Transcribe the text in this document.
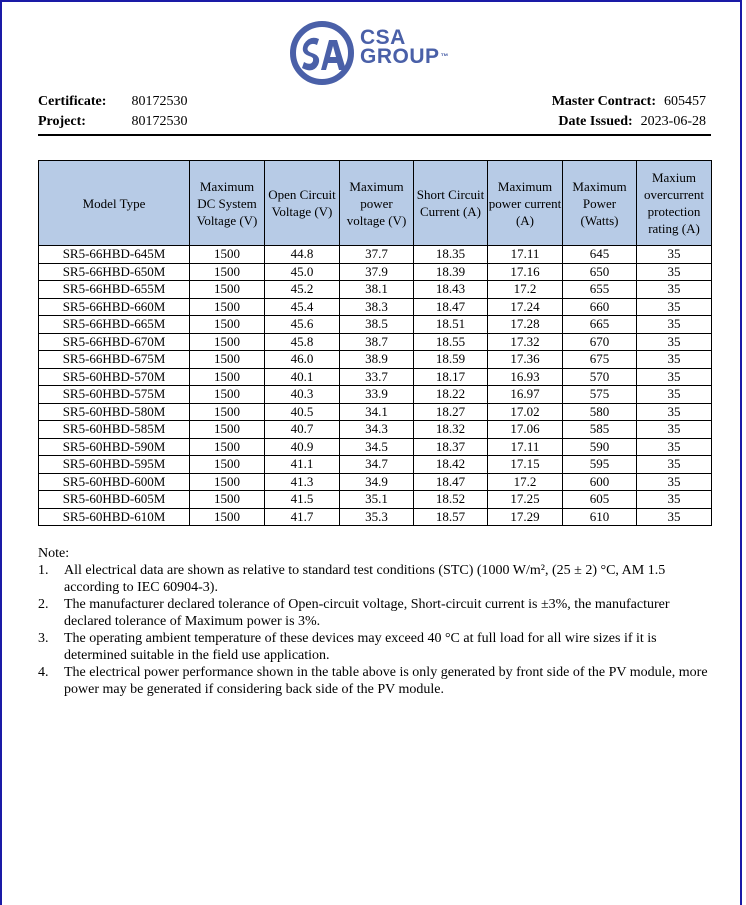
CSA
GROUP™
Certificate: 80172530	Master Contract: 605457
Project:	80172530	Date Issued: 2023-06-28
Model Type	Maximum DC System Voltage (V)	Open Circuit Voltage (V)	Maximum power voltage (V)	Short Circuit Current (A)	Maximum power current (A)	Maximum Power (Watts)	Maxium overcurrent protection rating (A)
SR5-66HBD-645M	1500	44.8	37.7	18.35	17.11	645	35
SR5-66HBD-650M	1500	45.0	37.9	18.39	17.16	650	35
SR5-66HBD-655M	1500	45.2	38.1	18.43	17.2	655	35
SR5-66HBD-660M	1500	45.4	38.3	18.47	17.24	660	35
SR5-66HBD-665M	1500	45.6	38.5	18.51	17.28	665	35
SR5-66HBD-670M	1500	45.8	38.7	18.55	17.32	670	35
SR5-66HBD-675M	1500	46.0	38.9	18.59	17.36	675	35
SR5-60HBD-570M	1500	40.1	33.7	18.17	16.93	570	35
SR5-60HBD-575M	1500	40.3	33.9	18.22	16.97	575	35
SR5-60HBD-580M	1500	40.5	34.1	18.27	17.02	580	35
SR5-60HBD-585M	1500	40.7	34.3	18.32	17.06	585	35
SR5-60HBD-590M	1500	40.9	34.5	18.37	17.11	590	35
SR5-60HBD-595M	1500	41.1	34.7	18.42	17.15	595	35
SR5-60HBD-600M	1500	41.3	34.9	18.47	17.2	600	35
SR5-60HBD-605M	1500	41.5	35.1	18.52	17.25	605	35
SR5-60HBD-610M	1500	41.7	35.3	18.57	17.29	610	35
Note:
1. All electrical data are shown as relative to standard test conditions (STC) (1000 W/m², (25 ± 2) °C, AM 1.5 according to IEC 60904-3).
2. The manufacturer declared tolerance of Open-circuit voltage, Short-circuit current is ±3%, the manufacturer declared tolerance of Maximum power is 3%.
3. The operating ambient temperature of these devices may exceed 40 °C at full load for all wire sizes if it is determined suitable in the field use application.
4. The electrical power performance shown in the table above is only generated by front side of the PV module, more power may be generated if considering back side of the PV module.
